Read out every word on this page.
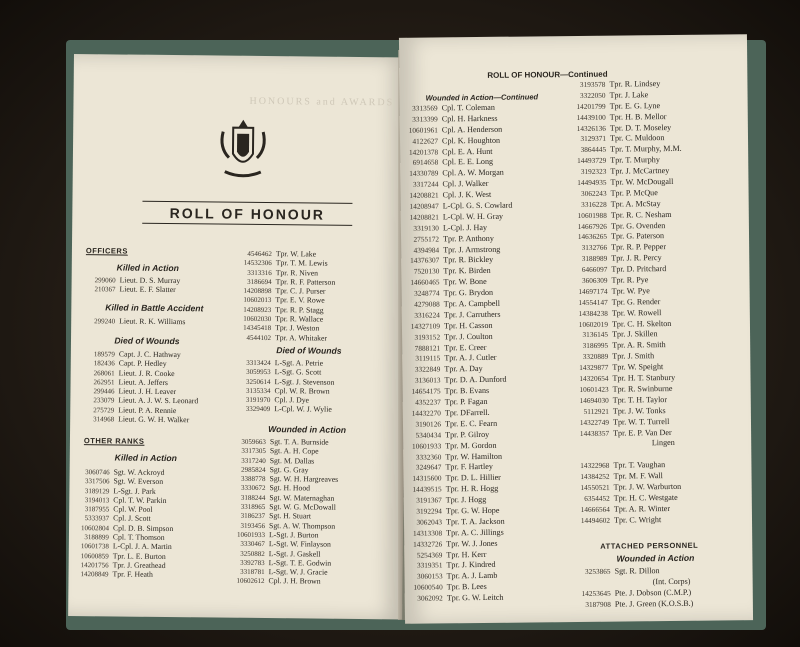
HONOURS and AWARDS
ROLL OF HONOUR
OFFICERS
Killed in Action
299060 Lieut. D. S. Murray
210367 Lieut. E. F. Slatter
Killed in Battle Accident
299240 Lieut. R. K. Williams
Died of Wounds
189579 Capt. J. C. Hathway
182436 Capt. P. Hedley
268061 Lieut. J. R. Cooke
262951 Lieut. A. Jeffers
299446 Lieut. J. H. Leaver
233079 Lieut. A. J. W. S. Leonard
275729 Lieut. P. A. Rennie
314968 Lieut. G. W. H. Walker
OTHER RANKS
Killed in Action
3060746 Sgt. W. Ackroyd
3317506 Sgt. W. Everson
3189129 L-Sgt. J. Park
3194013 Cpl. T. W. Parkin
3187955 Cpl. W. Pool
5333937 Cpl. J. Scott
10602804 Cpl. D. B. Simpson
3188899 Cpl. T. Thomson
10601738 L-Cpl. J. A. Martin
10600859 Tpr. L. E. Burton
14201756 Tpr. J. Greathead
14208849 Tpr. F. Heath
4546462 Tpr. W. Lake
14532306 Tpr. T. M. Lewis
3313316 Tpr. R. Niven
3186694 Tpr. R. F. Patterson
14208898 Tpr. C. J. Purser
10602013 Tpr. E. V. Rowe
14208923 Tpr. R. P. Stagg
10602030 Tpr. R. Wallace
14345418 Tpr. J. Weston
4544102 Tpr. A. Whitaker
Died of Wounds
3313424 L-Sgt. A. Petrie
3059953 L-Sgt. G. Scott
3250614 L-Sgt. J. Stevenson
3135334 Cpl. W. R. Brown
3191970 Cpl. J. Dye
3329409 L-Cpl. W. J. Wylie
Wounded in Action
3059663 Sgt. T. A. Burnside
3317305 Sgt. A. H. Cope
3317240 Sgt. M. Dallas
2985824 Sgt. G. Gray
3388778 Sgt. W. H. Hargreaves
3330672 Sgt. H. Hood
3188244 Sgt. W. Maternaghan
3318965 Sgt. W. G. McDowall
3186237 Sgt. H. Stuart
3193456 Sgt. A. W. Thompson
10601933 L-Sgt. J. Burton
3330467 L-Sgt. W. Finlayson
3250882 L-Sgt. J. Gaskell
3392783 L-Sgt. T. E. Godwin
3318781 L-Sgt. W. J. Gracie
10602612 Cpl. J. H. Brown
ROLL OF HONOUR—Continued
Wounded in Action—Continued
3313569 Cpl. T. Coleman
3313399 Cpl. H. Harkness
10601961 Cpl. A. Henderson
4122627 Cpl. K. Houghton
14201378 Cpl. E. A. Hunt
6914658 Cpl. E. E. Long
14330789 Cpl. A. W. Morgan
3317244 Cpl. J. Walker
14208821 Cpl. J. K. West
14208947 L-Cpl. G. S. Cowlard
14208821 L-Cpl. W. H. Gray
3319130 L-Cpl. J. Hay
2755172 Tpr. P. Anthony
4394984 Tpr. J. Armstrong
14376307 Tpr. R. Bickley
7520130 Tpr. K. Birden
14660465 Tpr. W. Bone
3248774 Tpr. G. Brydon
4279088 Tpr. A. Campbell
3316224 Tpr. J. Carruthers
14327109 Tpr. H. Casson
3193152 Tpr. J. Coulton
7888121 Tpr. E. Creer
3119115 Tpr. A. J. Cutler
3322849 Tpr. A. Day
3136013 Tpr. D. A. Dunford
14654175 Tpr. B. Evans
4352237 Tpr. P. Fagan
14432270 Tpr. DFarrell.
3190126 Tpr. E. C. Fearn
5340434 Tpr. P. Gilroy
10601933 Tpr. M. Gordon
3332360 Tpr. W. Hamilton
3249647 Tpr. F. Hartley
14315600 Tpr. D. L. Hillier
14439515 Tpr. H. R. Hogg
3191367 Tpr. J. Hogg
3192294 Tpr. G. W. Hope
3062043 Tpr. T. A. Jackson
14313308 Tpr. A. C. Jillings
14332726 Tpr. W. J. Jones
5254369 Tpr. H. Kerr
3319351 Tpr. J. Kindred
3060153 Tpr. A. J. Lamb
10600540 Tpr. B. Lees
3062092 Tpr. G. W. Leitch
3193578 Tpr. R. Lindsey
3322050 Tpr. J. Lake
14201799 Tpr. E. G. Lyne
14439100 Tpr. H. B. Mellor
14326136 Tpr. D. T. Moseley
3129371 Tpr. C. Muldoon
3864445 Tpr. T. Murphy, M.M.
14493729 Tpr. T. Murphy
3192323 Tpr. J. McCartney
14494935 Tpr. W. McDougall
3062243 Tpr. P. McQue
3316228 Tpr. A. McStay
10601988 Tpr. R. C. Nesham
14667926 Tpr. G. Ovenden
14636265 Tpr. G. Paterson
3132766 Tpr. R. P. Pepper
3188989 Tpr. J. R. Percy
6466097 Tpr. D. Pritchard
3606309 Tpr. R. Pye
14697174 Tpr. W. Pye
14554147 Tpr. G. Render
14384238 Tpr. W. Rowell
10602019 Tpr. C. H. Skelton
3136145 Tpr. J. Skillen
3186995 Tpr. A. R. Smith
3320889 Tpr. J. Smith
14329877 Tpr. W. Speight
14320654 Tpr. H. T. Stanbury
10601423 Tpr. R. Swinburne
14694030 Tpr. T. H. Taylor
5112921 Tpr. J. W. Tonks
14322749 Tpr. W. T. Turrell
14438357 Tpr. E. P. Van Der
Lingen
14322968 Tpr. T. Vaughan
14384252 Tpr. M. F. Wall
14550521 Tpr. J. W. Warburton
6354452 Tpr. H. C. Westgate
14666564 Tpr. A. R. Winter
14494602 Tpr. C. Wright
ATTACHED PERSONNEL
Wounded in Action
3253865 Sgt. R. Dillon
(Int. Corps)
14253645 Pte. J. Dobson (C.M.P.)
3187908 Pte. J. Green (K.O.S.B.)
